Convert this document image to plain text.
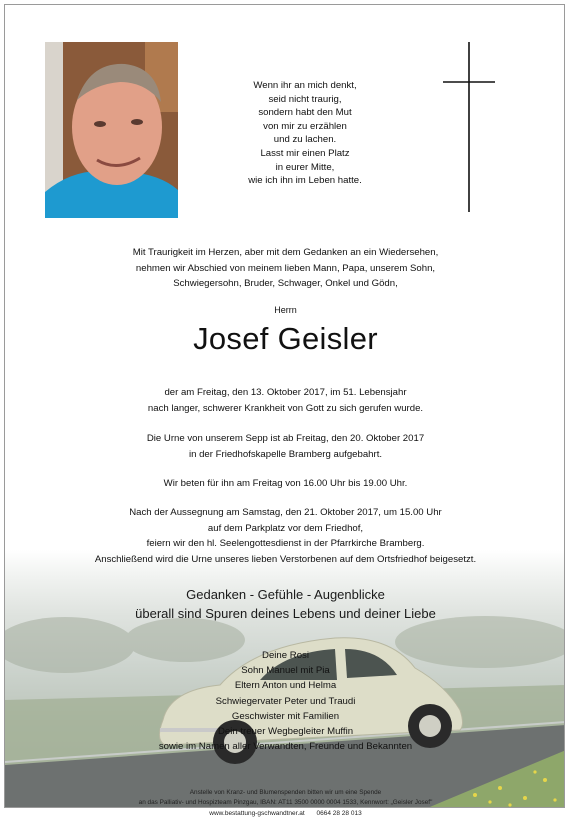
Wenn ihr an mich denkt,
seid nicht traurig,
sondern habt den Mut
von mir zu erzählen
und zu lachen.
Lasst mir einen Platz
in eurer Mitte,
wie ich ihn im Leben hatte.
Mit Traurigkeit im Herzen, aber mit dem Gedanken an ein Wiedersehen,
nehmen wir Abschied von meinem lieben Mann, Papa, unserem Sohn,
Schwiegersohn, Bruder, Schwager, Onkel und Gödn,
Herrn
Josef Geisler
der am Freitag, den 13. Oktober 2017, im 51. Lebensjahr
nach langer, schwerer Krankheit von Gott zu sich gerufen wurde.
Die Urne von unserem Sepp ist ab Freitag, den 20. Oktober 2017
in der Friedhofskapelle Bramberg aufgebahrt.
Wir beten für ihn am Freitag von 16.00 Uhr bis 19.00 Uhr.
Nach der Aussegnung am Samstag, den 21. Oktober 2017, um 15.00 Uhr
auf dem Parkplatz vor dem Friedhof,
feiern wir den hl. Seelengottesdienst in der Pfarrkirche Bramberg.
Anschließend wird die Urne unseres lieben Verstorbenen auf dem Ortsfriedhof beigesetzt.
Gedanken - Gefühle - Augenblicke
überall sind Spuren deines Lebens und deiner Liebe
Deine Rosi
Sohn Manuel mit Pia
Eltern Anton und Helma
Schwiegervater Peter und Traudi
Geschwister mit Familien
Dein treuer Wegbegleiter Muffin
sowie im Namen aller Verwandten, Freunde und Bekannten
Anstelle von Kranz- und Blumenspenden bitten wir um eine Spende
an das Palliativ- und Hospizteam Pinzgau, IBAN: AT11 3500 0000 0004 1533, Kennwort: „Geisler Josef"
www.bestattung-gschwandtner.at 0664 28 28 013
